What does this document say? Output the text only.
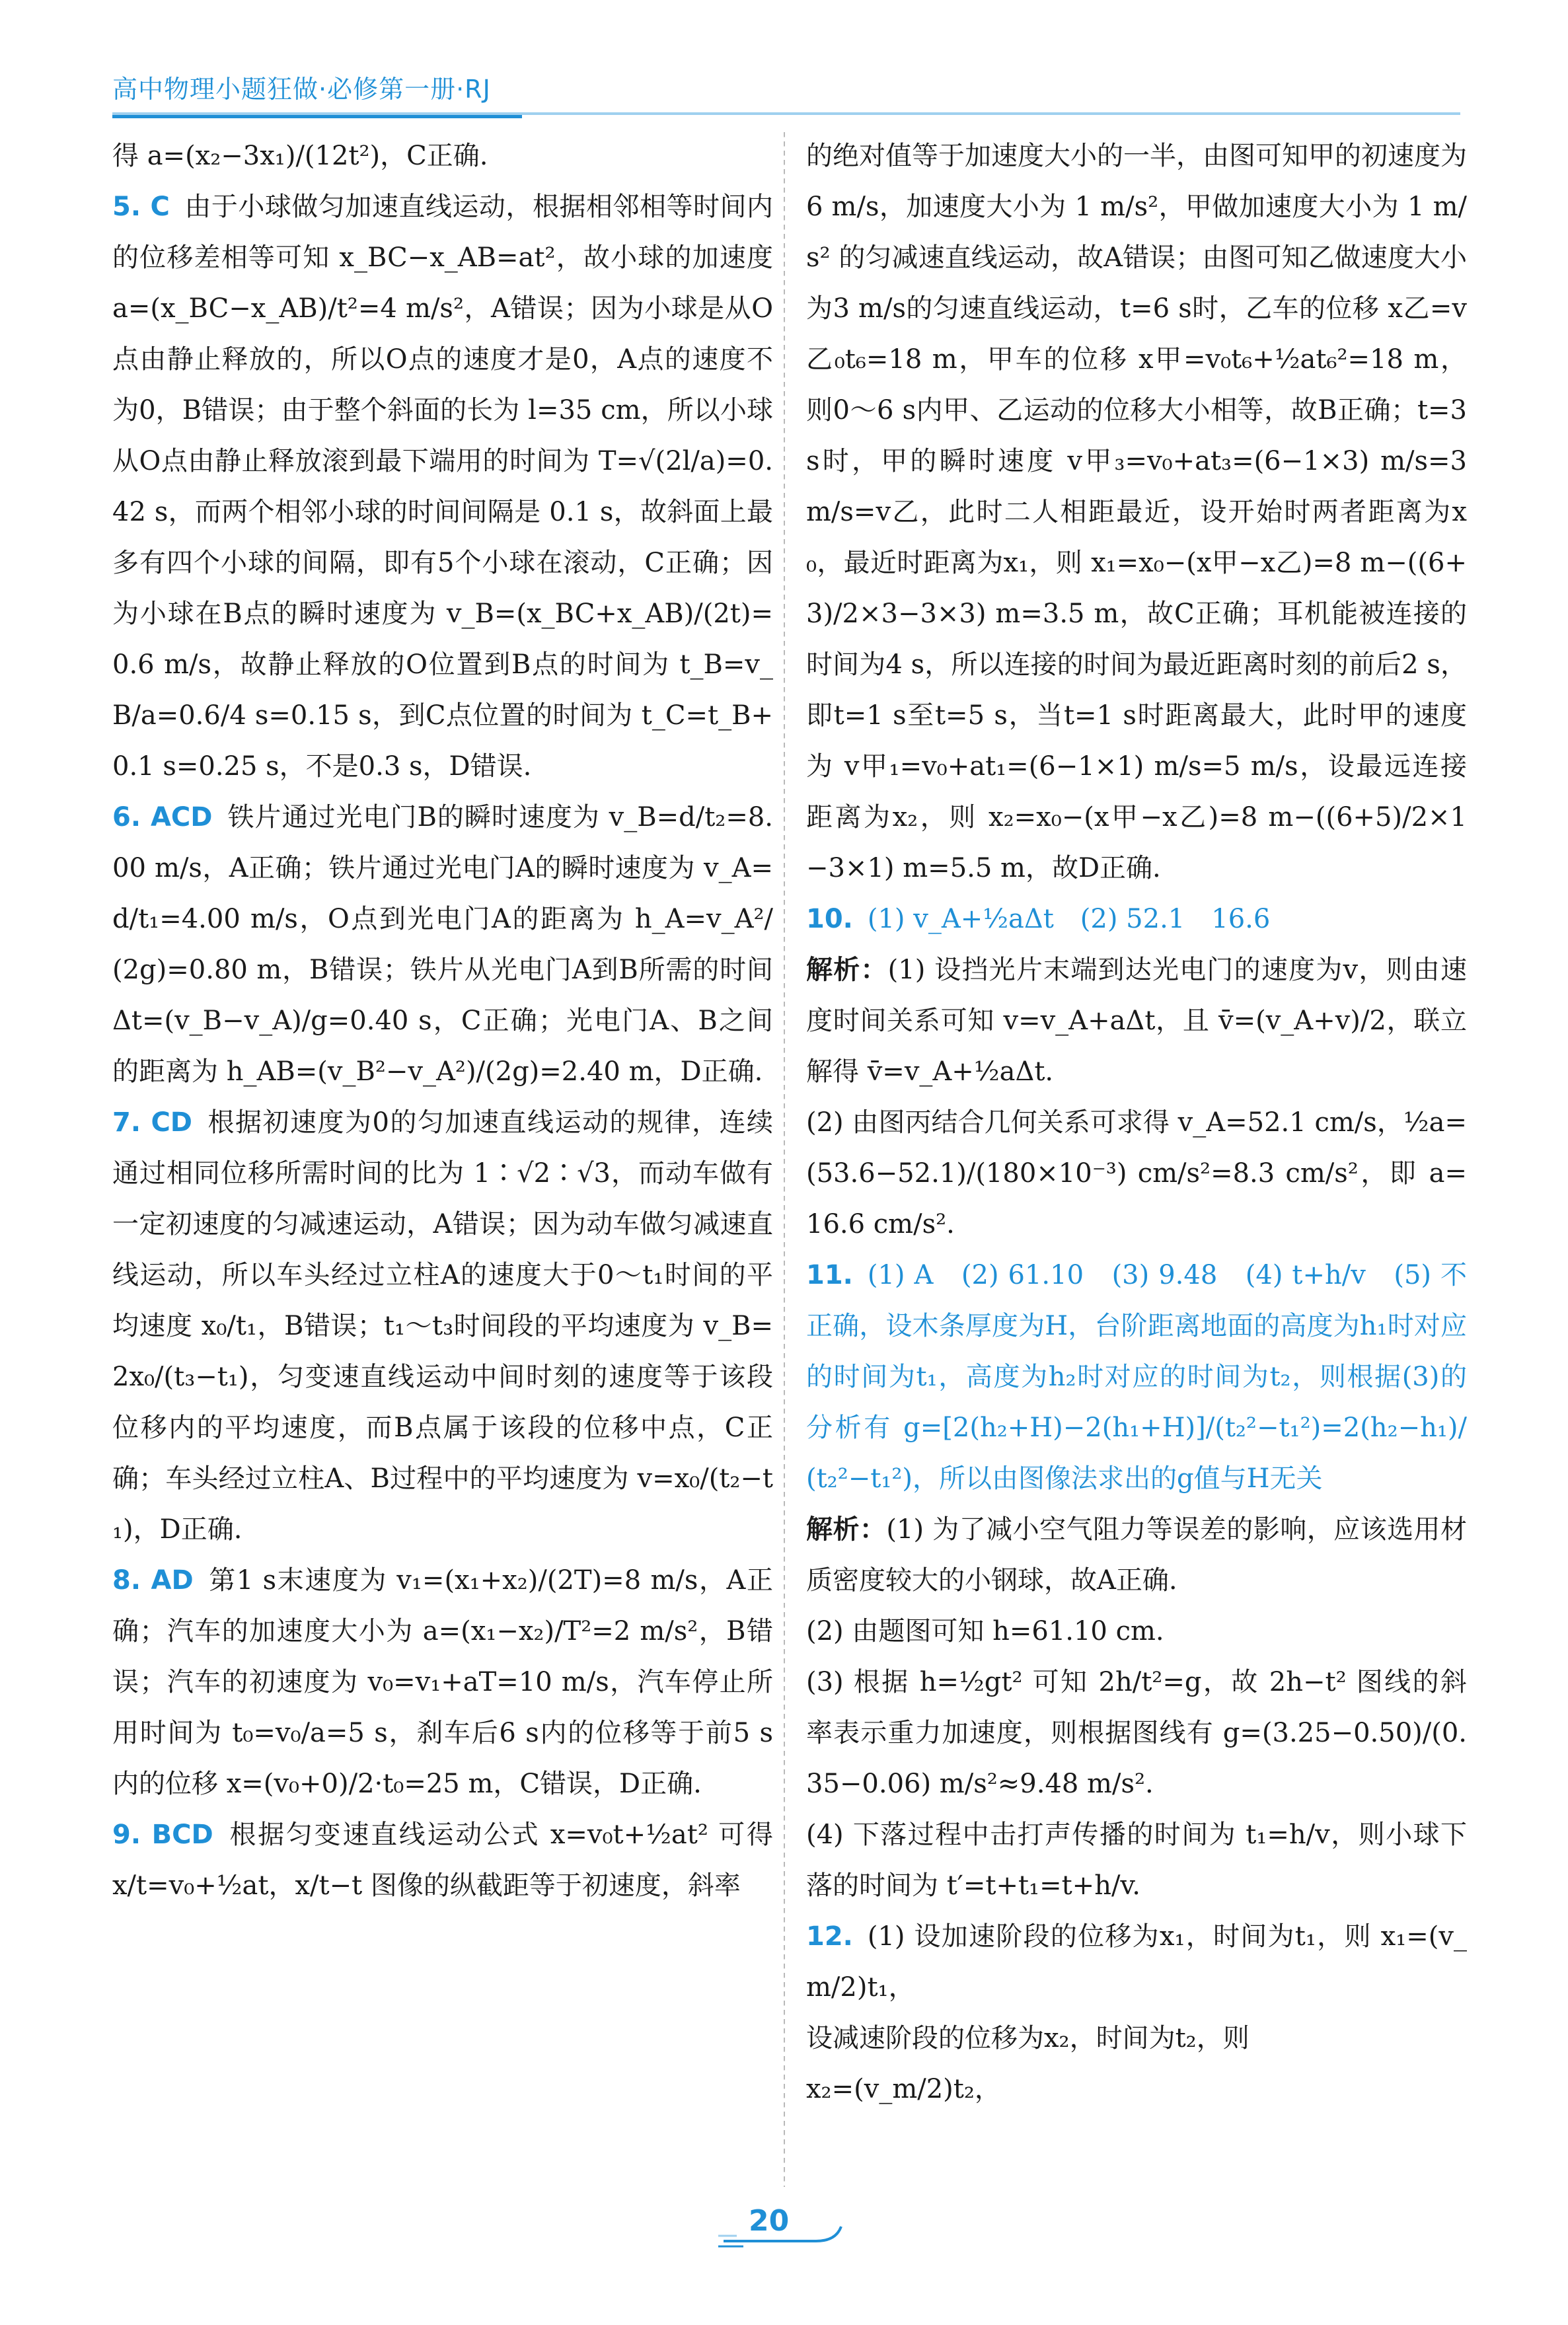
高中物理小题狂做·必修第一册·RJ

得 a=(x₂−3x₁)/(12t²)，C正确.

5. C 由于小球做匀加速直线运动，根据相邻相等时间内的位移差相等可知 x_BC−x_AB=at²，故小球的加速度 a=(x_BC−x_AB)/t²=4 m/s²，A错误；因为小球是从O点由静止释放的，所以O点的速度才是0，A点的速度不为0，B错误；由于整个斜面的长为 l=35 cm，所以小球从O点由静止释放滚到最下端用的时间为 T=√(2l/a)=0.42 s，而两个相邻小球的时间间隔是 0.1 s，故斜面上最多有四个小球的间隔，即有5个小球在滚动，C正确；因为小球在B点的瞬时速度为 v_B=(x_BC+x_AB)/(2t)=0.6 m/s，故静止释放的O位置到B点的时间为 t_B=v_B/a=0.6/4 s=0.15 s，到C点位置的时间为 t_C=t_B+0.1 s=0.25 s，不是0.3 s，D错误.

6. ACD 铁片通过光电门B的瞬时速度为 v_B=d/t₂=8.00 m/s，A正确；铁片通过光电门A的瞬时速度为 v_A=d/t₁=4.00 m/s，O点到光电门A的距离为 h_A=v_A²/(2g)=0.80 m，B错误；铁片从光电门A到B所需的时间 Δt=(v_B−v_A)/g=0.40 s，C正确；光电门A、B之间的距离为 h_AB=(v_B²−v_A²)/(2g)=2.40 m，D正确.

7. CD 根据初速度为0的匀加速直线运动的规律，连续通过相同位移所需时间的比为 1∶√2∶√3，而动车做有一定初速度的匀减速运动，A错误；因为动车做匀减速直线运动，所以车头经过立柱A的速度大于0～t₁时间的平均速度 x₀/t₁，B错误；t₁～t₃时间段的平均速度为 v_B=2x₀/(t₃−t₁)，匀变速直线运动中间时刻的速度等于该段位移内的平均速度，而B点属于该段的位移中点，C正确；车头经过立柱A、B过程中的平均速度为 v=x₀/(t₂−t₁)，D正确.

8. AD 第1 s末速度为 v₁=(x₁+x₂)/(2T)=8 m/s，A正确；汽车的加速度大小为 a=(x₁−x₂)/T²=2 m/s²，B错误；汽车的初速度为 v₀=v₁+aT=10 m/s，汽车停止所用时间为 t₀=v₀/a=5 s，刹车后6 s内的位移等于前5 s内的位移 x=(v₀+0)/2·t₀=25 m，C错误，D正确.

9. BCD 根据匀变速直线运动公式 x=v₀t+½at² 可得 x/t=v₀+½at，x/t−t 图像的纵截距等于初速度，斜率

的绝对值等于加速度大小的一半，由图可知甲的初速度为6 m/s，加速度大小为 1 m/s²，甲做加速度大小为 1 m/s² 的匀减速直线运动，故A错误；由图可知乙做速度大小为3 m/s的匀速直线运动，t=6 s时，乙车的位移 x乙=v乙₀t₆=18 m，甲车的位移 x甲=v₀t₆+½at₆²=18 m，则0～6 s内甲、乙运动的位移大小相等，故B正确；t=3 s时，甲的瞬时速度 v甲₃=v₀+at₃=(6−1×3) m/s=3 m/s=v乙，此时二人相距最近，设开始时两者距离为x₀，最近时距离为x₁，则 x₁=x₀−(x甲−x乙)=8 m−((6+3)/2×3−3×3) m=3.5 m，故C正确；耳机能被连接的时间为4 s，所以连接的时间为最近距离时刻的前后2 s，即t=1 s至t=5 s，当t=1 s时距离最大，此时甲的速度为 v甲₁=v₀+at₁=(6−1×1) m/s=5 m/s，设最远连接距离为x₂，则 x₂=x₀−(x甲−x乙)=8 m−((6+5)/2×1−3×1) m=5.5 m，故D正确.

10. (1) v_A+½aΔt　(2) 52.1　16.6

解析：(1) 设挡光片末端到达光电门的速度为v，则由速度时间关系可知 v=v_A+aΔt，且 v̄=(v_A+v)/2，联立解得 v̄=v_A+½aΔt.

(2) 由图丙结合几何关系可求得 v_A=52.1 cm/s，½a=(53.6−52.1)/(180×10⁻³) cm/s²=8.3 cm/s²，即 a=16.6 cm/s².

11. (1) A　(2) 61.10　(3) 9.48　(4) t+h/v　(5) 不正确，设木条厚度为H，台阶距离地面的高度为h₁时对应的时间为t₁，高度为h₂时对应的时间为t₂，则根据(3)的分析有 g=[2(h₂+H)−2(h₁+H)]/(t₂²−t₁²)=2(h₂−h₁)/(t₂²−t₁²)，所以由图像法求出的g值与H无关

解析：(1) 为了减小空气阻力等误差的影响，应该选用材质密度较大的小钢球，故A正确.

(2) 由题图可知 h=61.10 cm.

(3) 根据 h=½gt² 可知 2h/t²=g，故 2h−t² 图线的斜率表示重力加速度，则根据图线有 g=(3.25−0.50)/(0.35−0.06) m/s²≈9.48 m/s².

(4) 下落过程中击打声传播的时间为 t₁=h/v，则小球下落的时间为 t′=t+t₁=t+h/v.

12. (1) 设加速阶段的位移为x₁，时间为t₁，则 x₁=(v_m/2)t₁，

设减速阶段的位移为x₂，时间为t₂，则

x₂=(v_m/2)t₂，

20
